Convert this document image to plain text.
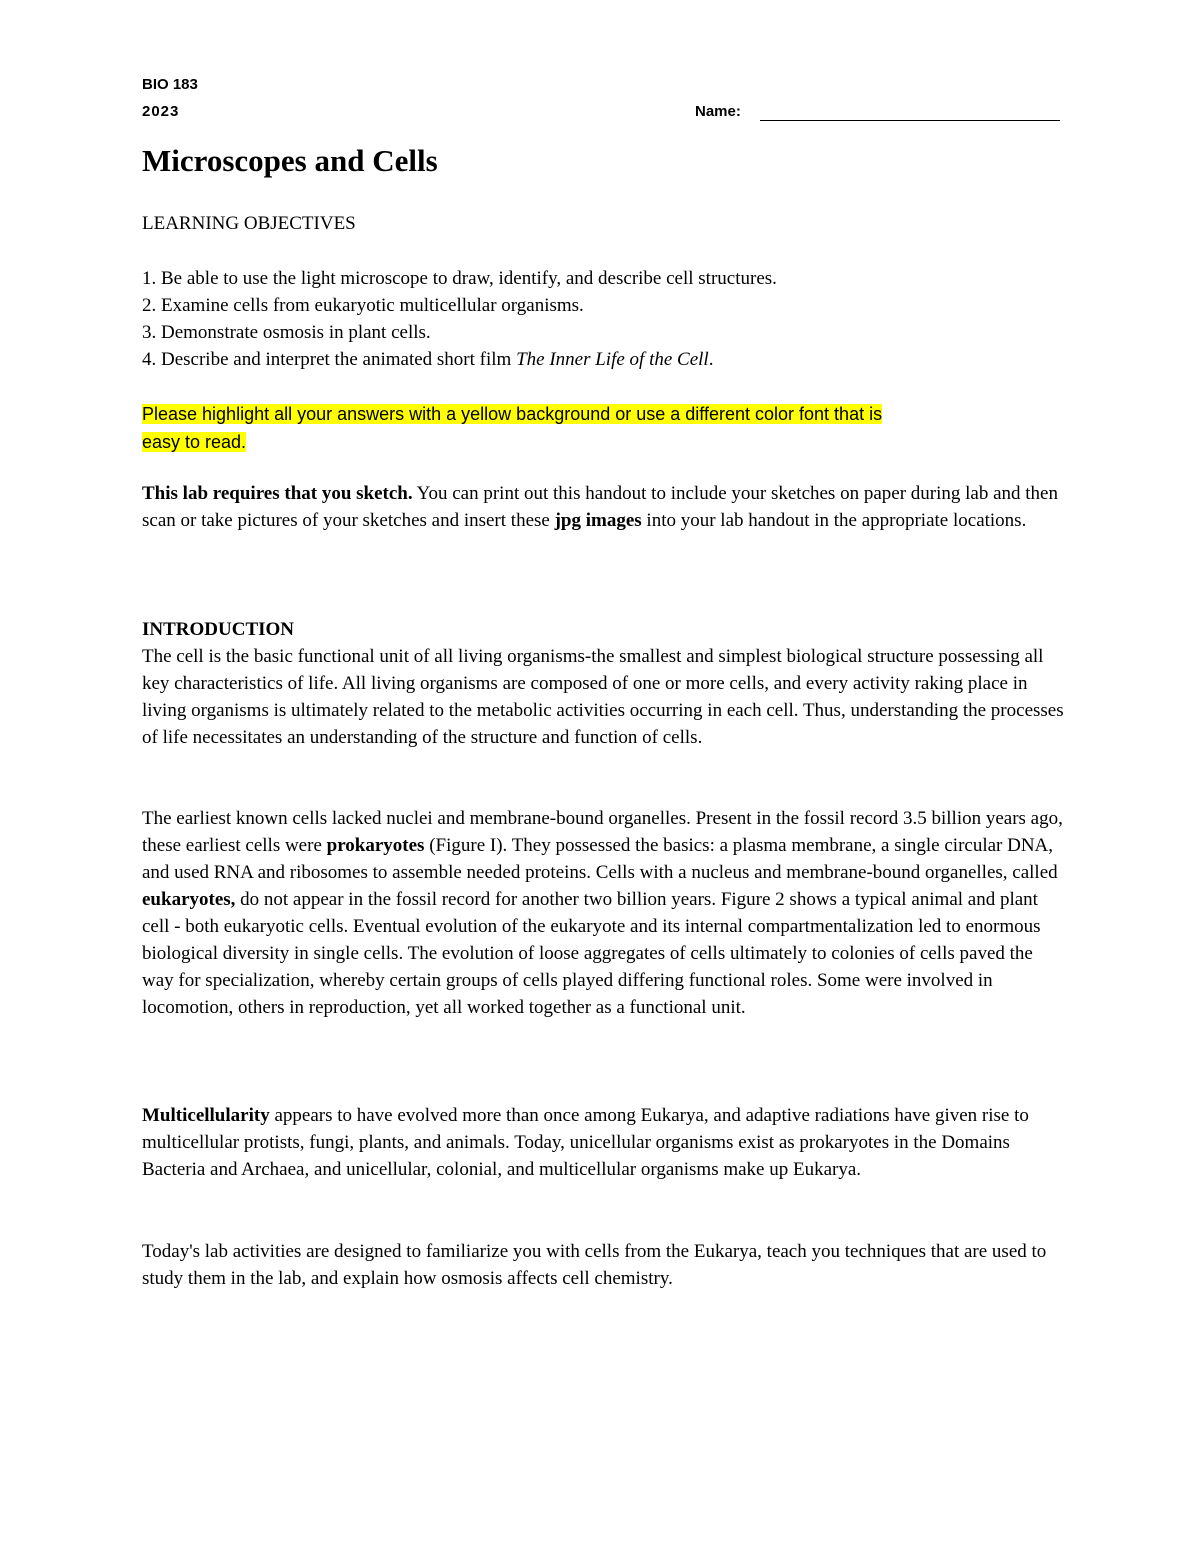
BIO 183
2023	Name:
Microscopes and Cells
LEARNING OBJECTIVES
1. Be able to use the light microscope to draw, identify, and describe cell structures.
2. Examine cells from eukaryotic multicellular organisms.
3. Demonstrate osmosis in plant cells.
4. Describe and interpret the animated short film The Inner Life of the Cell.
Please highlight all your answers with a yellow background or use a different color font that is
easy to read.

This lab requires that you sketch. You can print out this handout to include your sketches on paper during lab and then scan or take pictures of your sketches and insert these jpg images into your lab handout in the appropriate locations.

INTRODUCTION

The cell is the basic functional unit of all living organisms-the smallest and simplest biological structure possessing all key characteristics of life. All living organisms are composed of one or more cells, and every activity raking place in living organisms is ultimately related to the metabolic activities occurring in each cell. Thus, understanding the processes of life necessitates an understanding of the structure and function of cells.

The earliest known cells lacked nuclei and membrane-bound organelles. Present in the fossil record 3.5 billion years ago, these earliest cells were prokaryotes (Figure I). They possessed the basics: a plasma membrane, a single circular DNA, and used RNA and ribosomes to assemble needed proteins. Cells with a nucleus and membrane-bound organelles, called eukaryotes, do not appear in the fossil record for another two billion years. Figure 2 shows a typical animal and plant cell - both eukaryotic cells. Eventual evolution of the eukaryote and its internal compartmentalization led to enormous biological diversity in single cells. The evolution of loose aggregates of cells ultimately to colonies of cells paved the way for specialization, whereby certain groups of cells played differing functional roles. Some were involved in locomotion, others in reproduction, yet all worked together as a functional unit.

Multicellularity appears to have evolved more than once among Eukarya, and adaptive radiations have given rise to multicellular protists, fungi, plants, and animals. Today, unicellular organisms exist as prokaryotes in the Domains Bacteria and Archaea, and unicellular, colonial, and multicellular organisms make up Eukarya.

Today's lab activities are designed to familiarize you with cells from the Eukarya, teach you techniques that are used to study them in the lab, and explain how osmosis affects cell chemistry.
